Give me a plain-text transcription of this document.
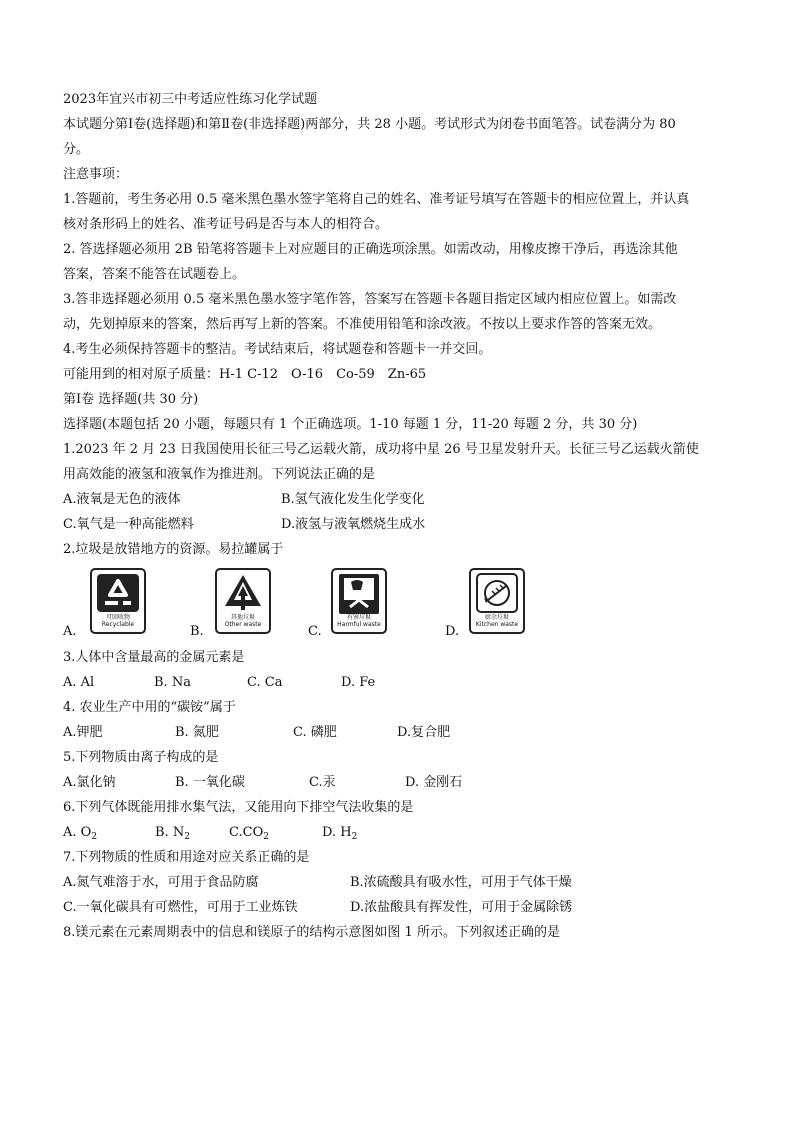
2023年宜兴市初三中考适应性练习化学试题
本试题分第Ⅰ卷(选择题)和第Ⅱ卷(非选择题)两部分，共 28 小题。考试形式为闭卷书面笔答。试卷满分为 80
分。
注意事项：
1.答题前，考生务必用 0.5 毫米黑色墨水签字笔将自己的姓名、准考证号填写在答题卡的相应位置上，并认真
核对条形码上的姓名、准考证号码是否与本人的相符合。
2. 答选择题必须用 2B 铅笔将答题卡上对应题目的正确选项涂黑。如需改动，用橡皮擦干净后，再选涂其他
答案，答案不能答在试题卷上。
3.答非选择题必须用 0.5 毫米黑色墨水签字笔作答，答案写在答题卡各题目指定区域内相应位置上。如需改
动，先划掉原来的答案，然后再写上新的答案。不准使用铅笔和涂改液。不按以上要求作答的答案无效。
4.考生必须保持答题卡的整洁。考试结束后，将试题卷和答题卡一并交回。
可能用到的相对原子质量：H-1 C-12　O-16　Co-59　Zn-65
第Ⅰ卷 选择题(共 30 分)
选择题(本题包括 20 小题，每题只有 1 个正确选项。1-10 每题 1 分，11-20 每题 2 分，共 30 分)
1.2023 年 2 月 23 日我国使用长征三号乙运载火箭，成功将中星 26 号卫星发射升天。长征三号乙运载火箭使
用高效能的液氢和液氧作为推进剂。下列说法正确的是
A.液氧是无色的液体	B.氢气液化发生化学变化
C.氧气是一种高能燃料	D.液氢与液氧燃烧生成水
2.垃圾是放错地方的资源。易拉罐属于
A.
可回收物
Recyclable	B.
其他垃圾
Other waste	C.
有害垃圾
Harmful waste	D.
厨余垃圾
Kitchen waste
3.人体中含量最高的金属元素是
A. Al	B. Na	C. Ca	D. Fe
4. 农业生产中用的“碳铵”属于
A.钾肥	B. 氮肥	C. 磷肥	D.复合肥
5.下列物质由离子构成的是
A.氯化钠	B. 一氧化碳	C.汞	D. 金刚石
6.下列气体既能用排水集气法，又能用向下排空气法收集的是
A. $O_2$	B. $N_2$	$C.CO_2$	D. $H_2$
7.下列物质的性质和用途对应关系正确的是
A.氮气难溶于水，可用于食品防腐	B.浓硫酸具有吸水性，可用于气体干燥
C.一氧化碳具有可燃性，可用于工业炼铁	D.浓盐酸具有挥发性，可用于金属除锈
8.镁元素在元素周期表中的信息和镁原子的结构示意图如图 1 所示。下列叙述正确的是
